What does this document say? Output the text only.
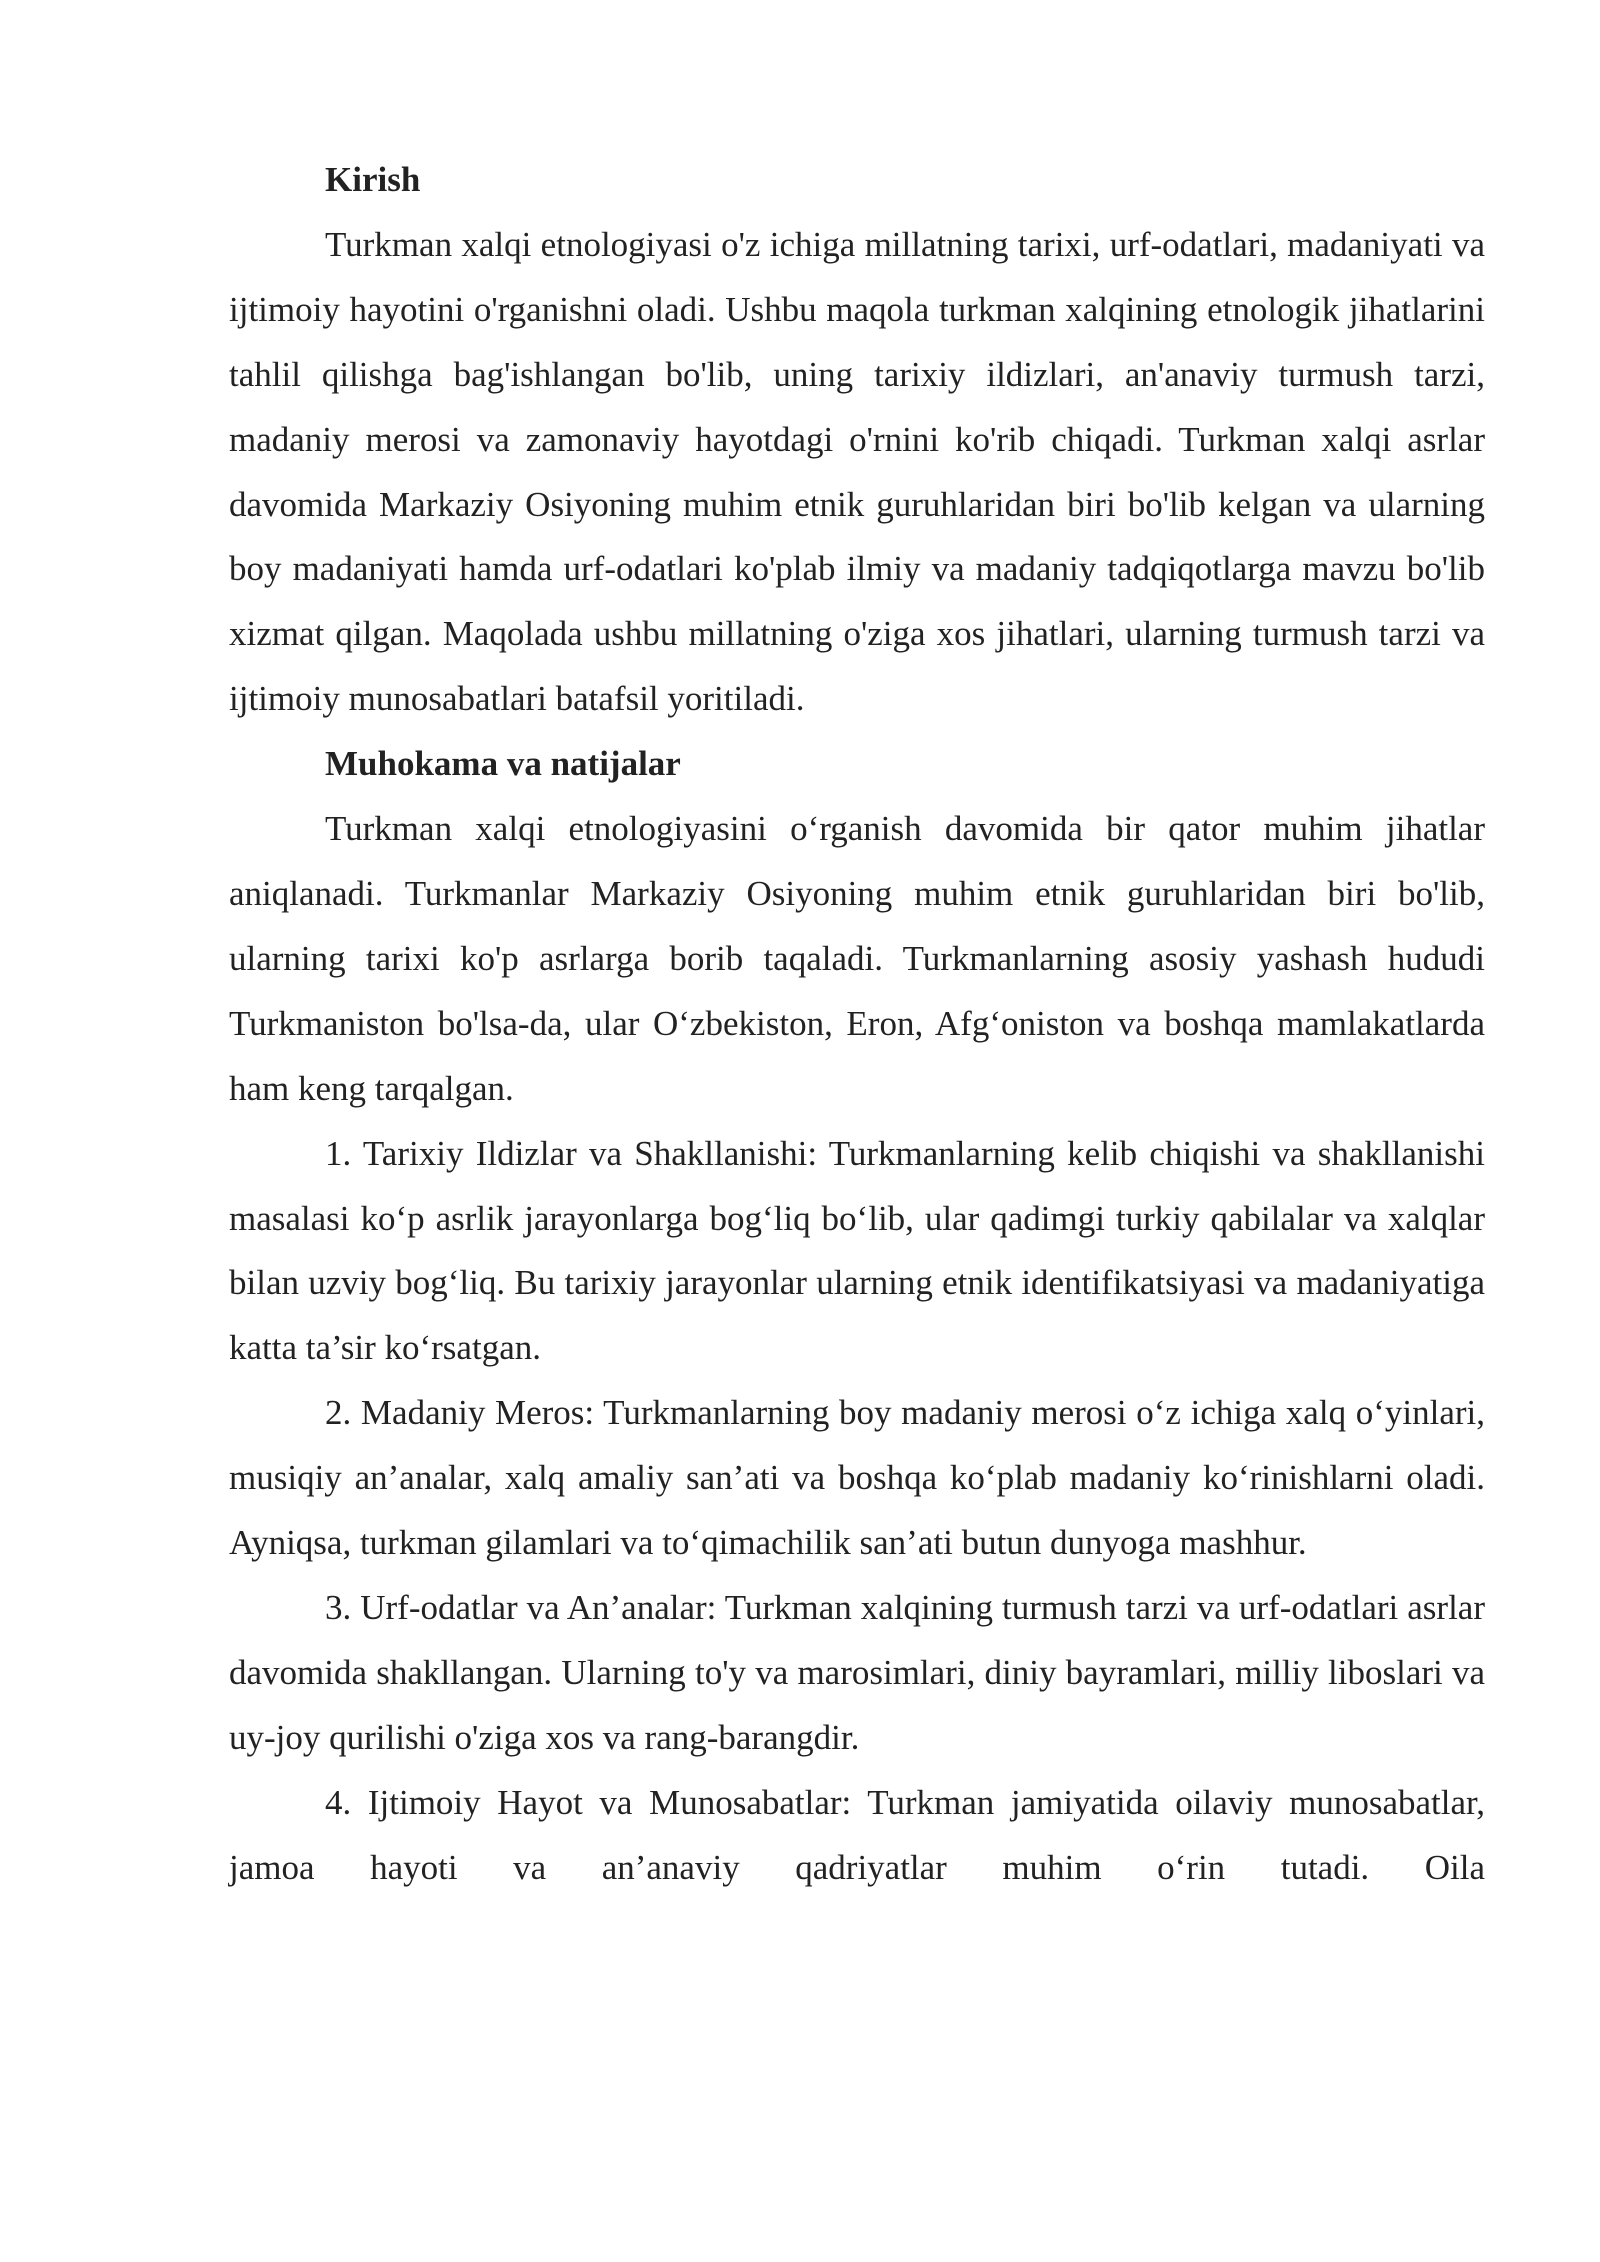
Kirish

Turkman xalqi etnologiyasi o'z ichiga millatning tarixi, urf-odatlari, madaniyati va ijtimoiy hayotini o'rganishni oladi. Ushbu maqola turkman xalqining etnologik jihatlarini tahlil qilishga bag'ishlangan bo'lib, uning tarixiy ildizlari, an'anaviy turmush tarzi, madaniy merosi va zamonaviy hayotdagi o'rnini ko'rib chiqadi. Turkman xalqi asrlar davomida Markaziy Osiyoning muhim etnik guruhlaridan biri bo'lib kelgan va ularning boy madaniyati hamda urf-odatlari ko'plab ilmiy va madaniy tadqiqotlarga mavzu bo'lib xizmat qilgan. Maqolada ushbu millatning o'ziga xos jihatlari, ularning turmush tarzi va ijtimoiy munosabatlari batafsil yoritiladi.

Muhokama va natijalar

Turkman xalqi etnologiyasini o‘rganish davomida bir qator muhim jihatlar aniqlanadi. Turkmanlar Markaziy Osiyoning muhim etnik guruhlaridan biri bo'lib, ularning tarixi ko'p asrlarga borib taqaladi. Turkmanlarning asosiy yashash hududi Turkmaniston bo'lsa-da, ular O‘zbekiston, Eron, Afg‘oniston va boshqa mamlakatlarda ham keng tarqalgan.

1. Tarixiy Ildizlar va Shakllanishi: Turkmanlarning kelib chiqishi va shakllanishi masalasi ko‘p asrlik jarayonlarga bog‘liq bo‘lib, ular qadimgi turkiy qabilalar va xalqlar bilan uzviy bog‘liq. Bu tarixiy jarayonlar ularning etnik identifikatsiyasi va madaniyatiga katta ta’sir ko‘rsatgan.

2. Madaniy Meros: Turkmanlarning boy madaniy merosi o‘z ichiga xalq o‘yinlari, musiqiy an’analar, xalq amaliy san’ati va boshqa ko‘plab madaniy ko‘rinishlarni oladi. Ayniqsa, turkman gilamlari va to‘qimachilik san’ati butun dunyoga mashhur.

3. Urf-odatlar va An’analar: Turkman xalqining turmush tarzi va urf-odatlari asrlar davomida shakllangan. Ularning to'y va marosimlari, diniy bayramlari, milliy liboslari va uy-joy qurilishi o'ziga xos va rang-barangdir.

4. Ijtimoiy Hayot va Munosabatlar: Turkman jamiyatida oilaviy munosabatlar, jamoa hayoti va an’anaviy qadriyatlar muhim o‘rin tutadi. Oila
